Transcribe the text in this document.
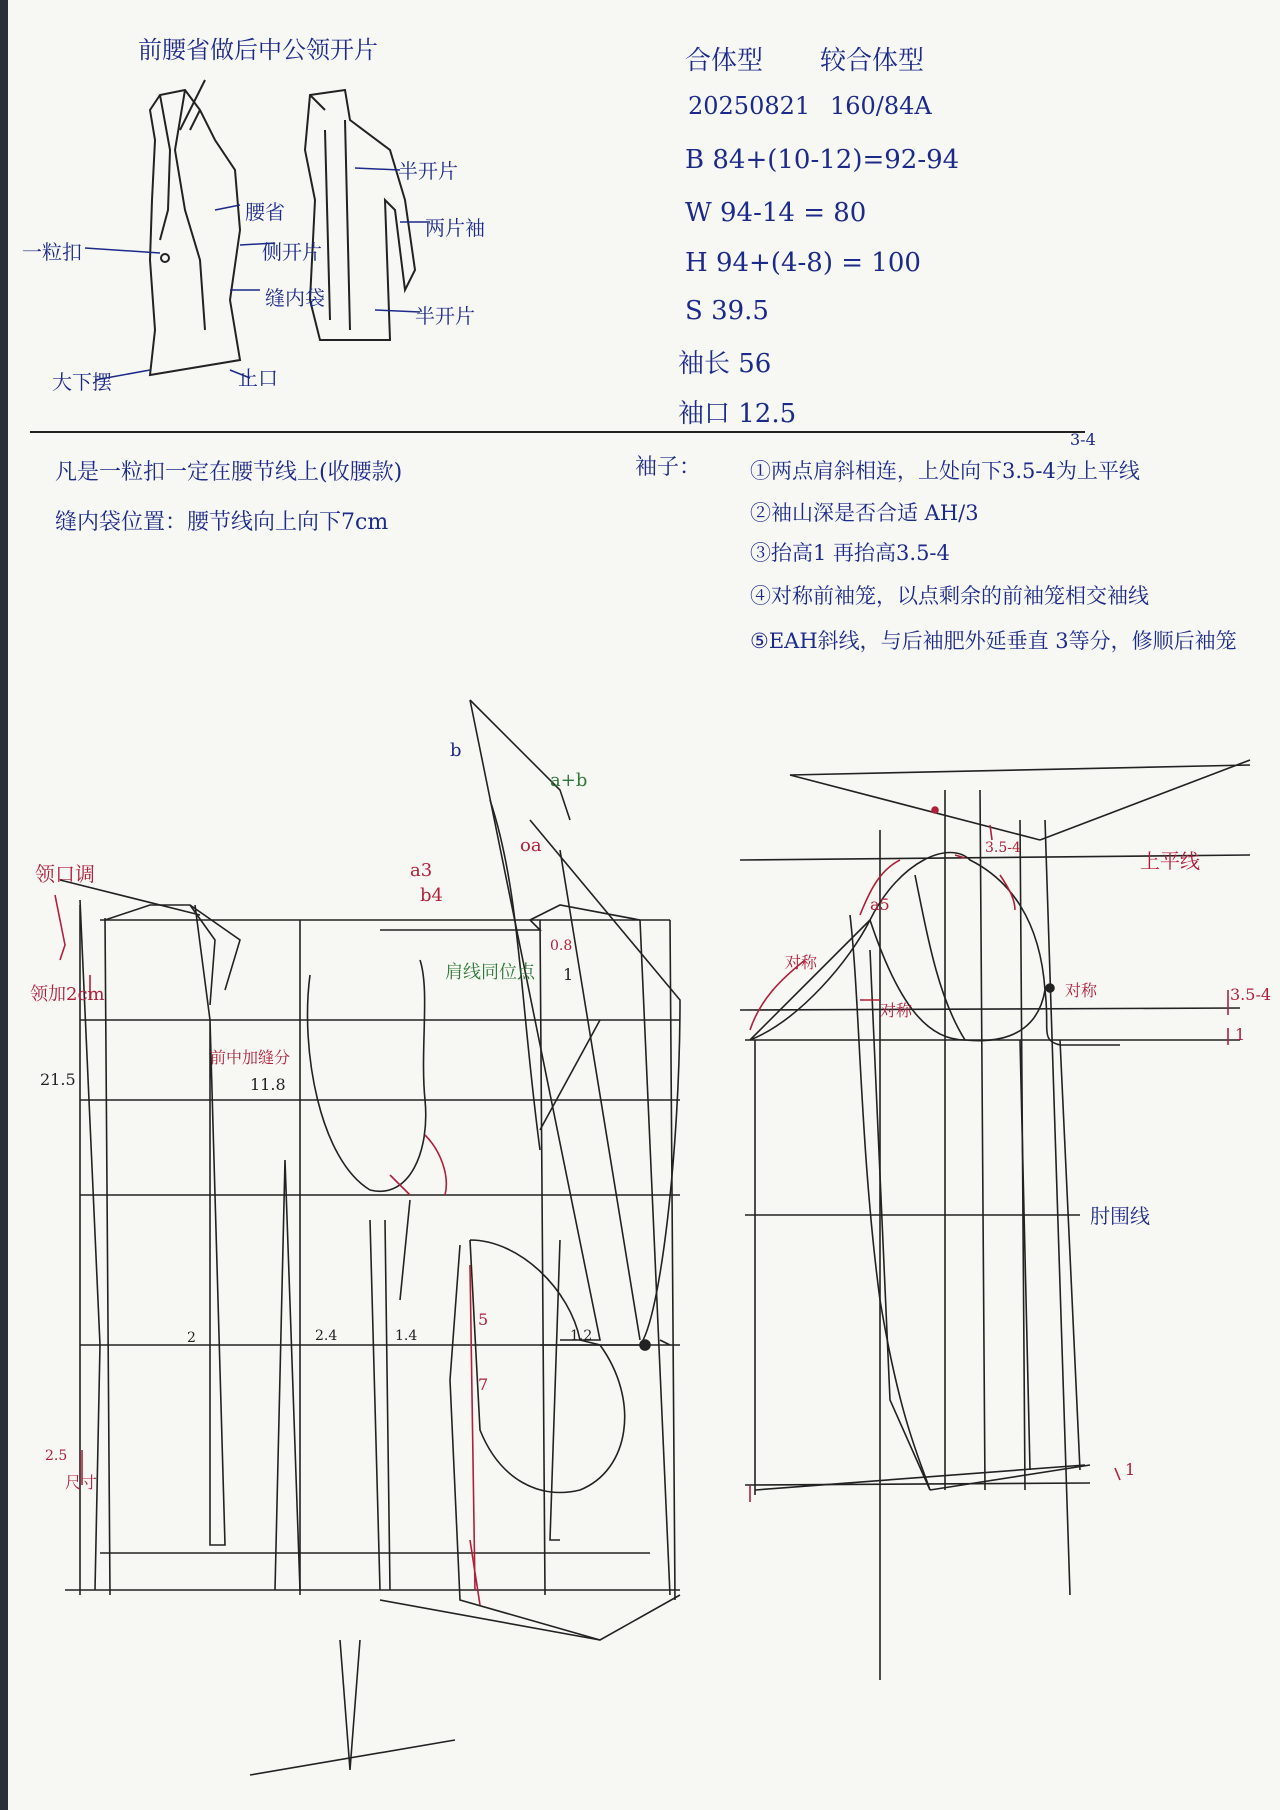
前腰省做后中公领开片	合体型 较合体型
20250821 160/84A
B 84+(10-12)=92-94
W 94-14 = 80
H 94+(4-8) = 100
S 39.5
袖长 56
袖口 12.5
一粒扣
大下摆
腰省
侧开片
缝内袋
止口
半开片
两片袖
半开片
凡是一粒扣一定在腰节线上(收腰款)
缝内袋位置：腰节线向上向下7cm
袖子：
3-4
①两点肩斜相连，上处向下3.5-4为上平线
②袖山深是否合适 AH/3
③抬高1 再抬高3.5-4
④对称前袖笼，以点剩余的前袖笼相交袖线
⑤EAH斜线，与后袖肥外延垂直 3等分，修顺后袖笼
领口调
领加2cm
21.5
前中加缝分
11.8
a3
b4
b
a+b
oa
肩线同位点
0.8
1
2	2.4	1.4	1.2
2.5
尺寸
5
7
上平线
3.5-4
a5
对称
对称
对称	3.5-4
1
肘围线
1
